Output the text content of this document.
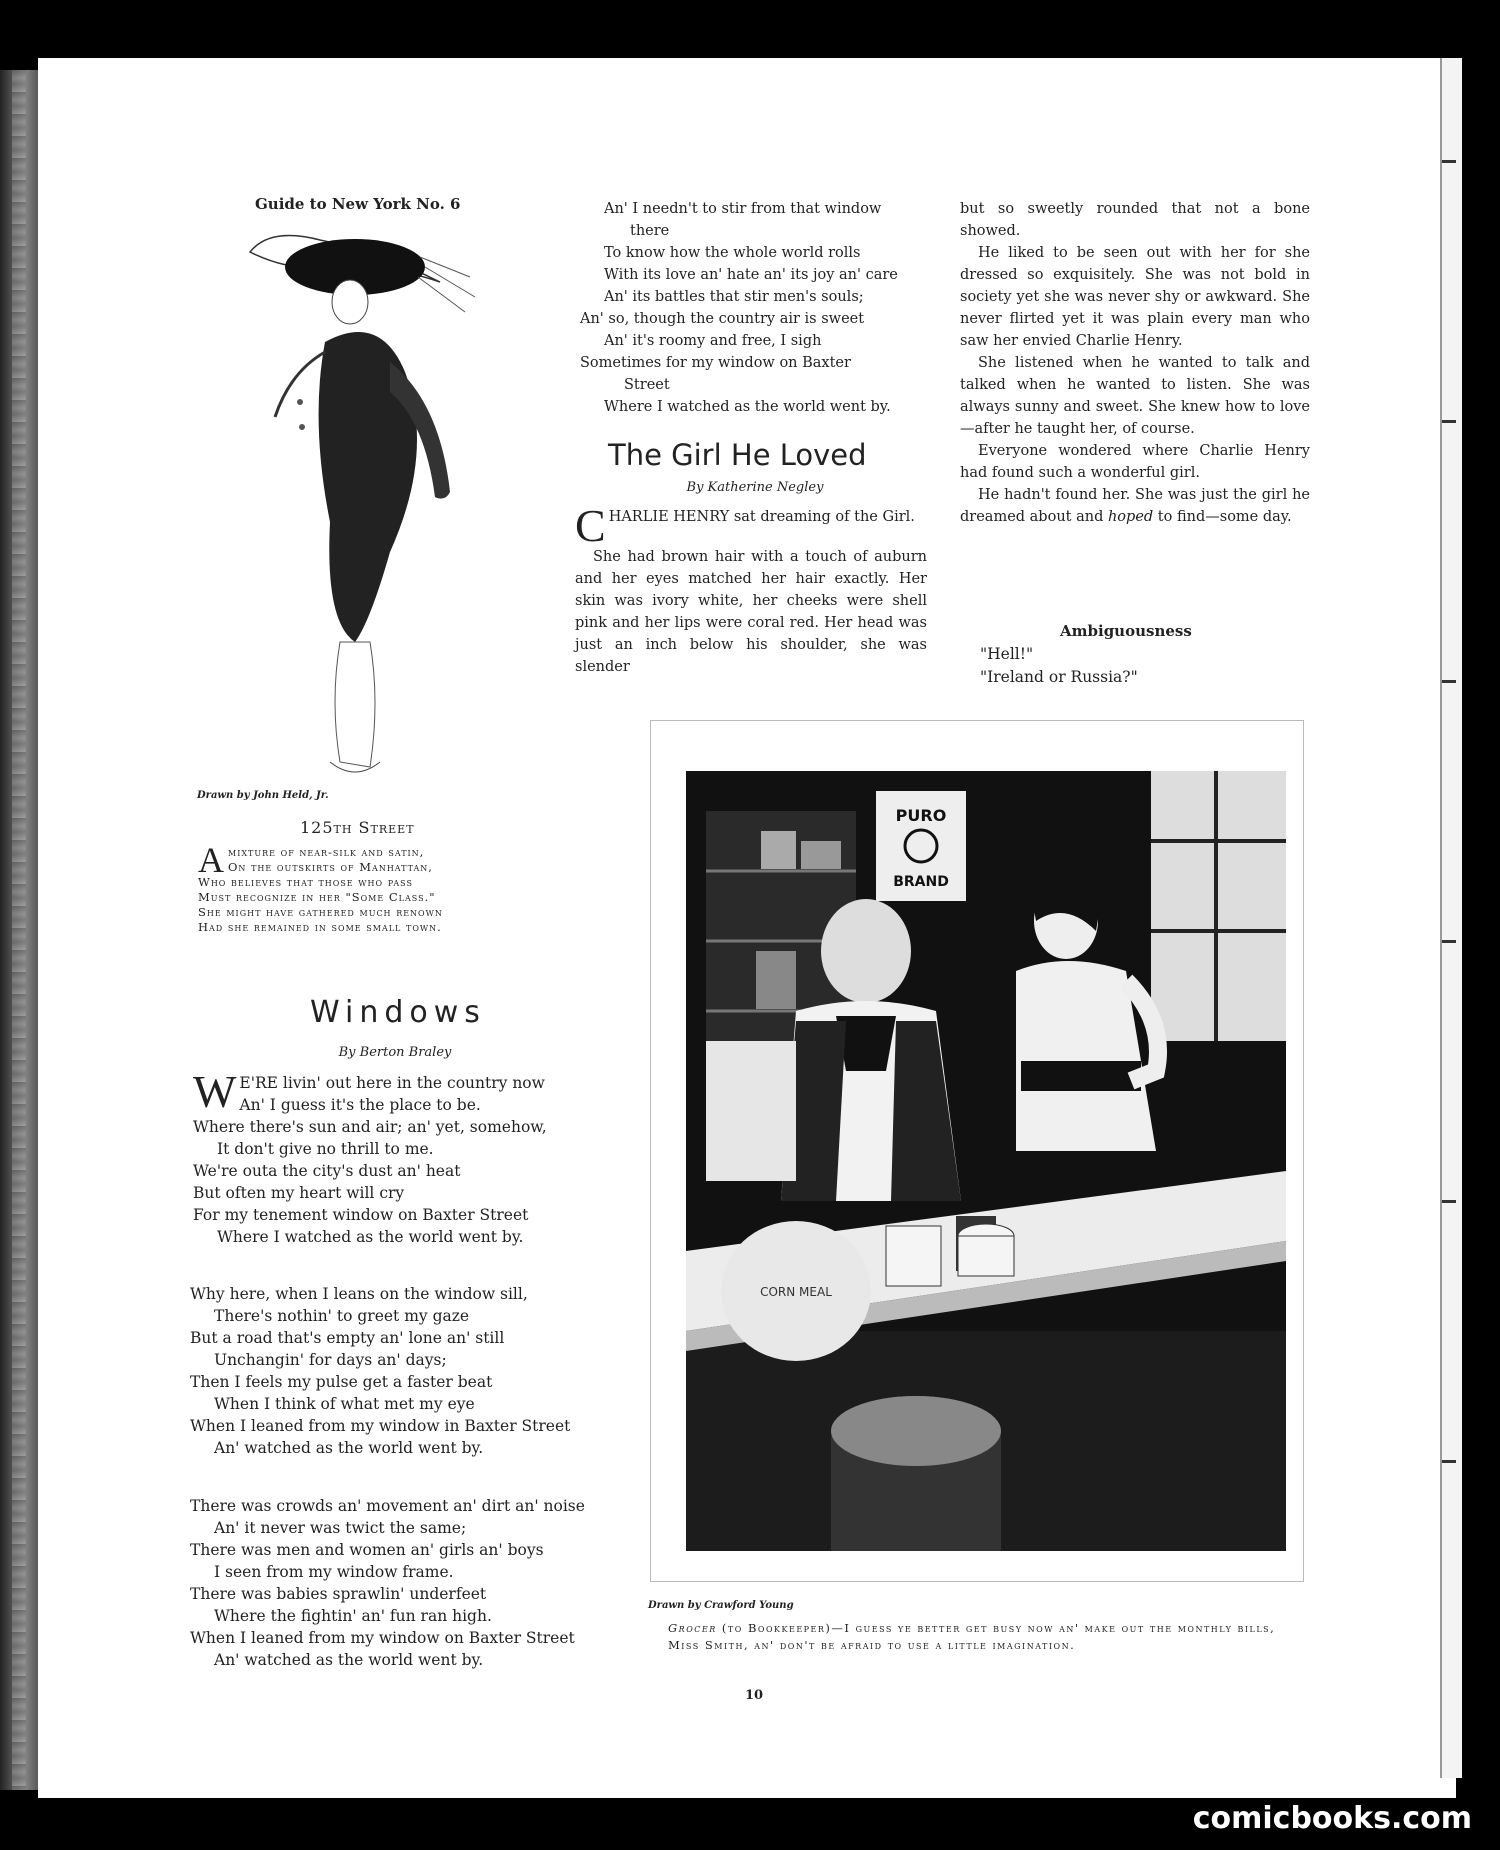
Guide to New York No. 6
Drawn by John Held, Jr.
125th Street
A mixture of near-silk and satin,
On the outskirts of Manhattan,
Who believes that those who pass
Must recognize in her "Some Class."
She might have gathered much renown
Had she remained in some small town.
Windows
By Berton Braley
W E'RE livin' out here in the country now
An' I guess it's the place to be.
Where there's sun and air; an' yet, somehow,
It don't give no thrill to me.
We're outa the city's dust an' heat
But often my heart will cry
For my tenement window on Baxter Street
Where I watched as the world went by.
Why here, when I leans on the window sill,
There's nothin' to greet my gaze
But a road that's empty an' lone an' still
Unchangin' for days an' days;
Then I feels my pulse get a faster beat
When I think of what met my eye
When I leaned from my window in Baxter Street
An' watched as the world went by.
There was crowds an' movement an' dirt an' noise
An' it never was twict the same;
There was men and women an' girls an' boys
I seen from my window frame.
There was babies sprawlin' underfeet
Where the fightin' an' fun ran high.
When I leaned from my window on Baxter Street
An' watched as the world went by.
An' I needn't to stir from that window
there
To know how the whole world rolls
With its love an' hate an' its joy an' care
An' its battles that stir men's souls;
An' so, though the country air is sweet
An' it's roomy and free, I sigh
Sometimes for my window on Baxter
Street
Where I watched as the world went by.
The Girl He Loved
By Katherine Negley

CHARLIE HENRY sat dreaming of the Girl.

She had brown hair with a touch of auburn and her eyes matched her hair exactly. Her skin was ivory white, her cheeks were shell pink and her lips were coral red. Her head was just an inch below his shoulder, she was slender

but so sweetly rounded that not a bone showed.

He liked to be seen out with her for she dressed so exquisitely. She was not bold in society yet she was never shy or awkward. She never flirted yet it was plain every man who saw her envied Charlie Henry.

She listened when he wanted to talk and talked when he wanted to listen. She was always sunny and sweet. She knew how to love—after he taught her, of course.

Everyone wondered where Charlie Henry had found such a wonderful girl.

He hadn't found her. She was just the girl he dreamed about and hoped to find—some day.

Ambiguousness
"Hell!"
"Ireland or Russia?"
PURO
BRAND
CORN MEAL
Drawn by Crawford Young
Grocer (to Bookkeeper)—I guess ye better get busy now an' make out the monthly bills, Miss Smith, an' don't be afraid to use a little imagination.
10
comicbooks.com
